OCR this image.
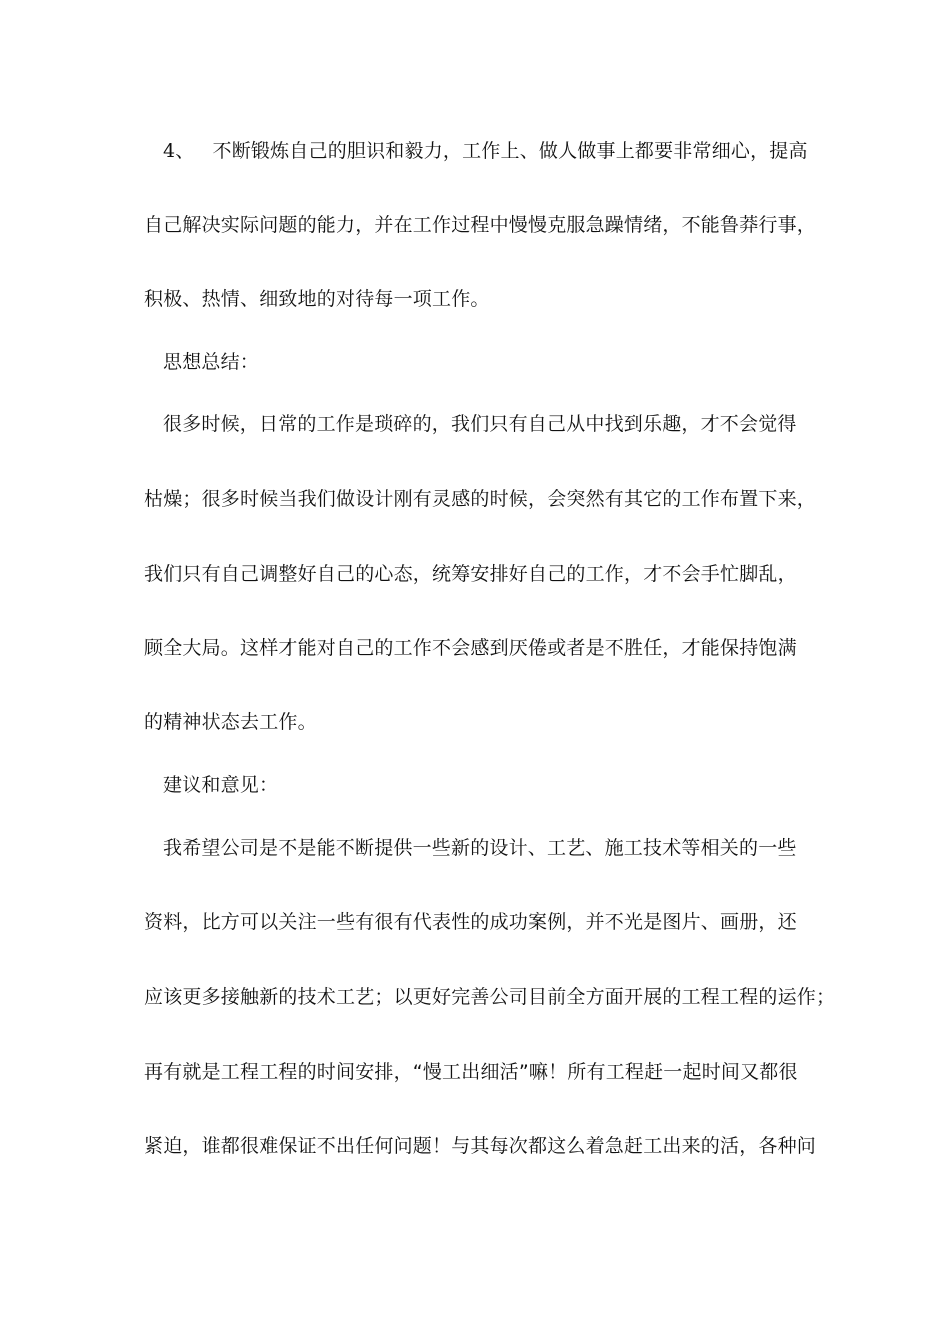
4、 不断锻炼自己的胆识和毅力，工作上、做人做事上都要非常细心，提高
自己解决实际问题的能力，并在工作过程中慢慢克服急躁情绪，不能鲁莽行事，
积极、热情、细致地的对待每一项工作。
思想总结：
很多时候，日常的工作是琐碎的，我们只有自己从中找到乐趣，才不会觉得
枯燥；很多时候当我们做设计刚有灵感的时候，会突然有其它的工作布置下来，
我们只有自己调整好自己的心态，统筹安排好自己的工作，才不会手忙脚乱，
顾全大局。这样才能对自己的工作不会感到厌倦或者是不胜任，才能保持饱满
的精神状态去工作。
建议和意见：
我希望公司是不是能不断提供一些新的设计、工艺、施工技术等相关的一些
资料，比方可以关注一些有很有代表性的成功案例，并不光是图片、画册，还
应该更多接触新的技术工艺；以更好完善公司目前全方面开展的工程工程的运作；
再有就是工程工程的时间安排，“慢工出细活”嘛！所有工程赶一起时间又都很
紧迫，谁都很难保证不出任何问题！与其每次都这么着急赶工出来的活，各种问
